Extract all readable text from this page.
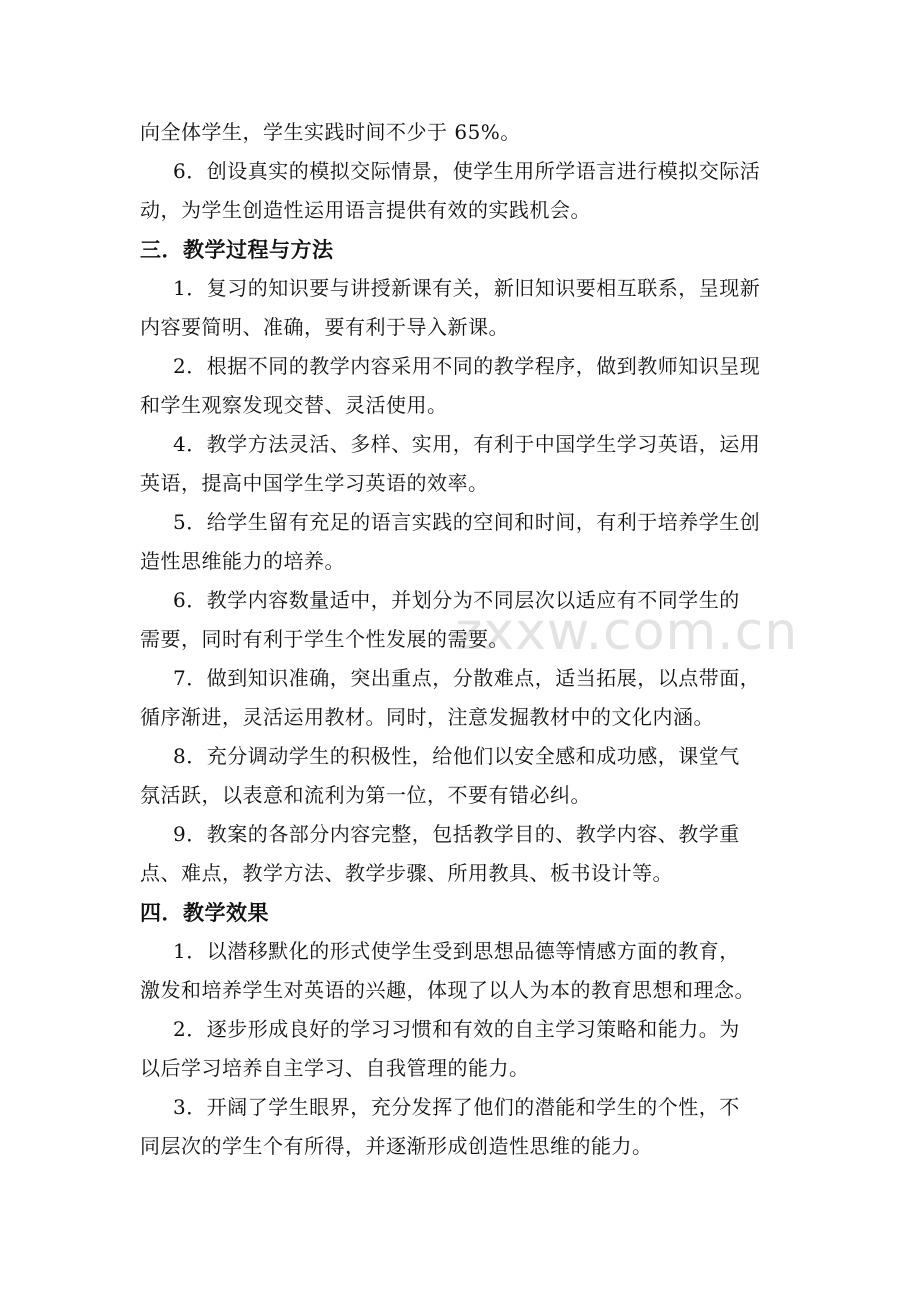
zxxw.com.cn
向全体学生，学生实践时间不少于 65%。
6．创设真实的模拟交际情景，使学生用所学语言进行模拟交际活
动，为学生创造性运用语言提供有效的实践机会。
三．教学过程与方法
1．复习的知识要与讲授新课有关，新旧知识要相互联系，呈现新
内容要简明、准确，要有利于导入新课。
2．根据不同的教学内容采用不同的教学程序，做到教师知识呈现
和学生观察发现交替、灵活使用。
4．教学方法灵活、多样、实用，有利于中国学生学习英语，运用
英语，提高中国学生学习英语的效率。
5．给学生留有充足的语言实践的空间和时间，有利于培养学生创
造性思维能力的培养。
6．教学内容数量适中，并划分为不同层次以适应有不同学生的
需要，同时有利于学生个性发展的需要。
7．做到知识准确，突出重点，分散难点，适当拓展，以点带面，
循序渐进，灵活运用教材。同时，注意发掘教材中的文化内涵。
8．充分调动学生的积极性，给他们以安全感和成功感，课堂气
氛活跃，以表意和流利为第一位，不要有错必纠。
9．教案的各部分内容完整，包括教学目的、教学内容、教学重
点、难点，教学方法、教学步骤、所用教具、板书设计等。
四．教学效果
1．以潜移默化的形式使学生受到思想品德等情感方面的教育，
激发和培养学生对英语的兴趣，体现了以人为本的教育思想和理念。
2．逐步形成良好的学习习惯和有效的自主学习策略和能力。为
以后学习培养自主学习、自我管理的能力。
3．开阔了学生眼界，充分发挥了他们的潜能和学生的个性，不
同层次的学生个有所得，并逐渐形成创造性思维的能力。
